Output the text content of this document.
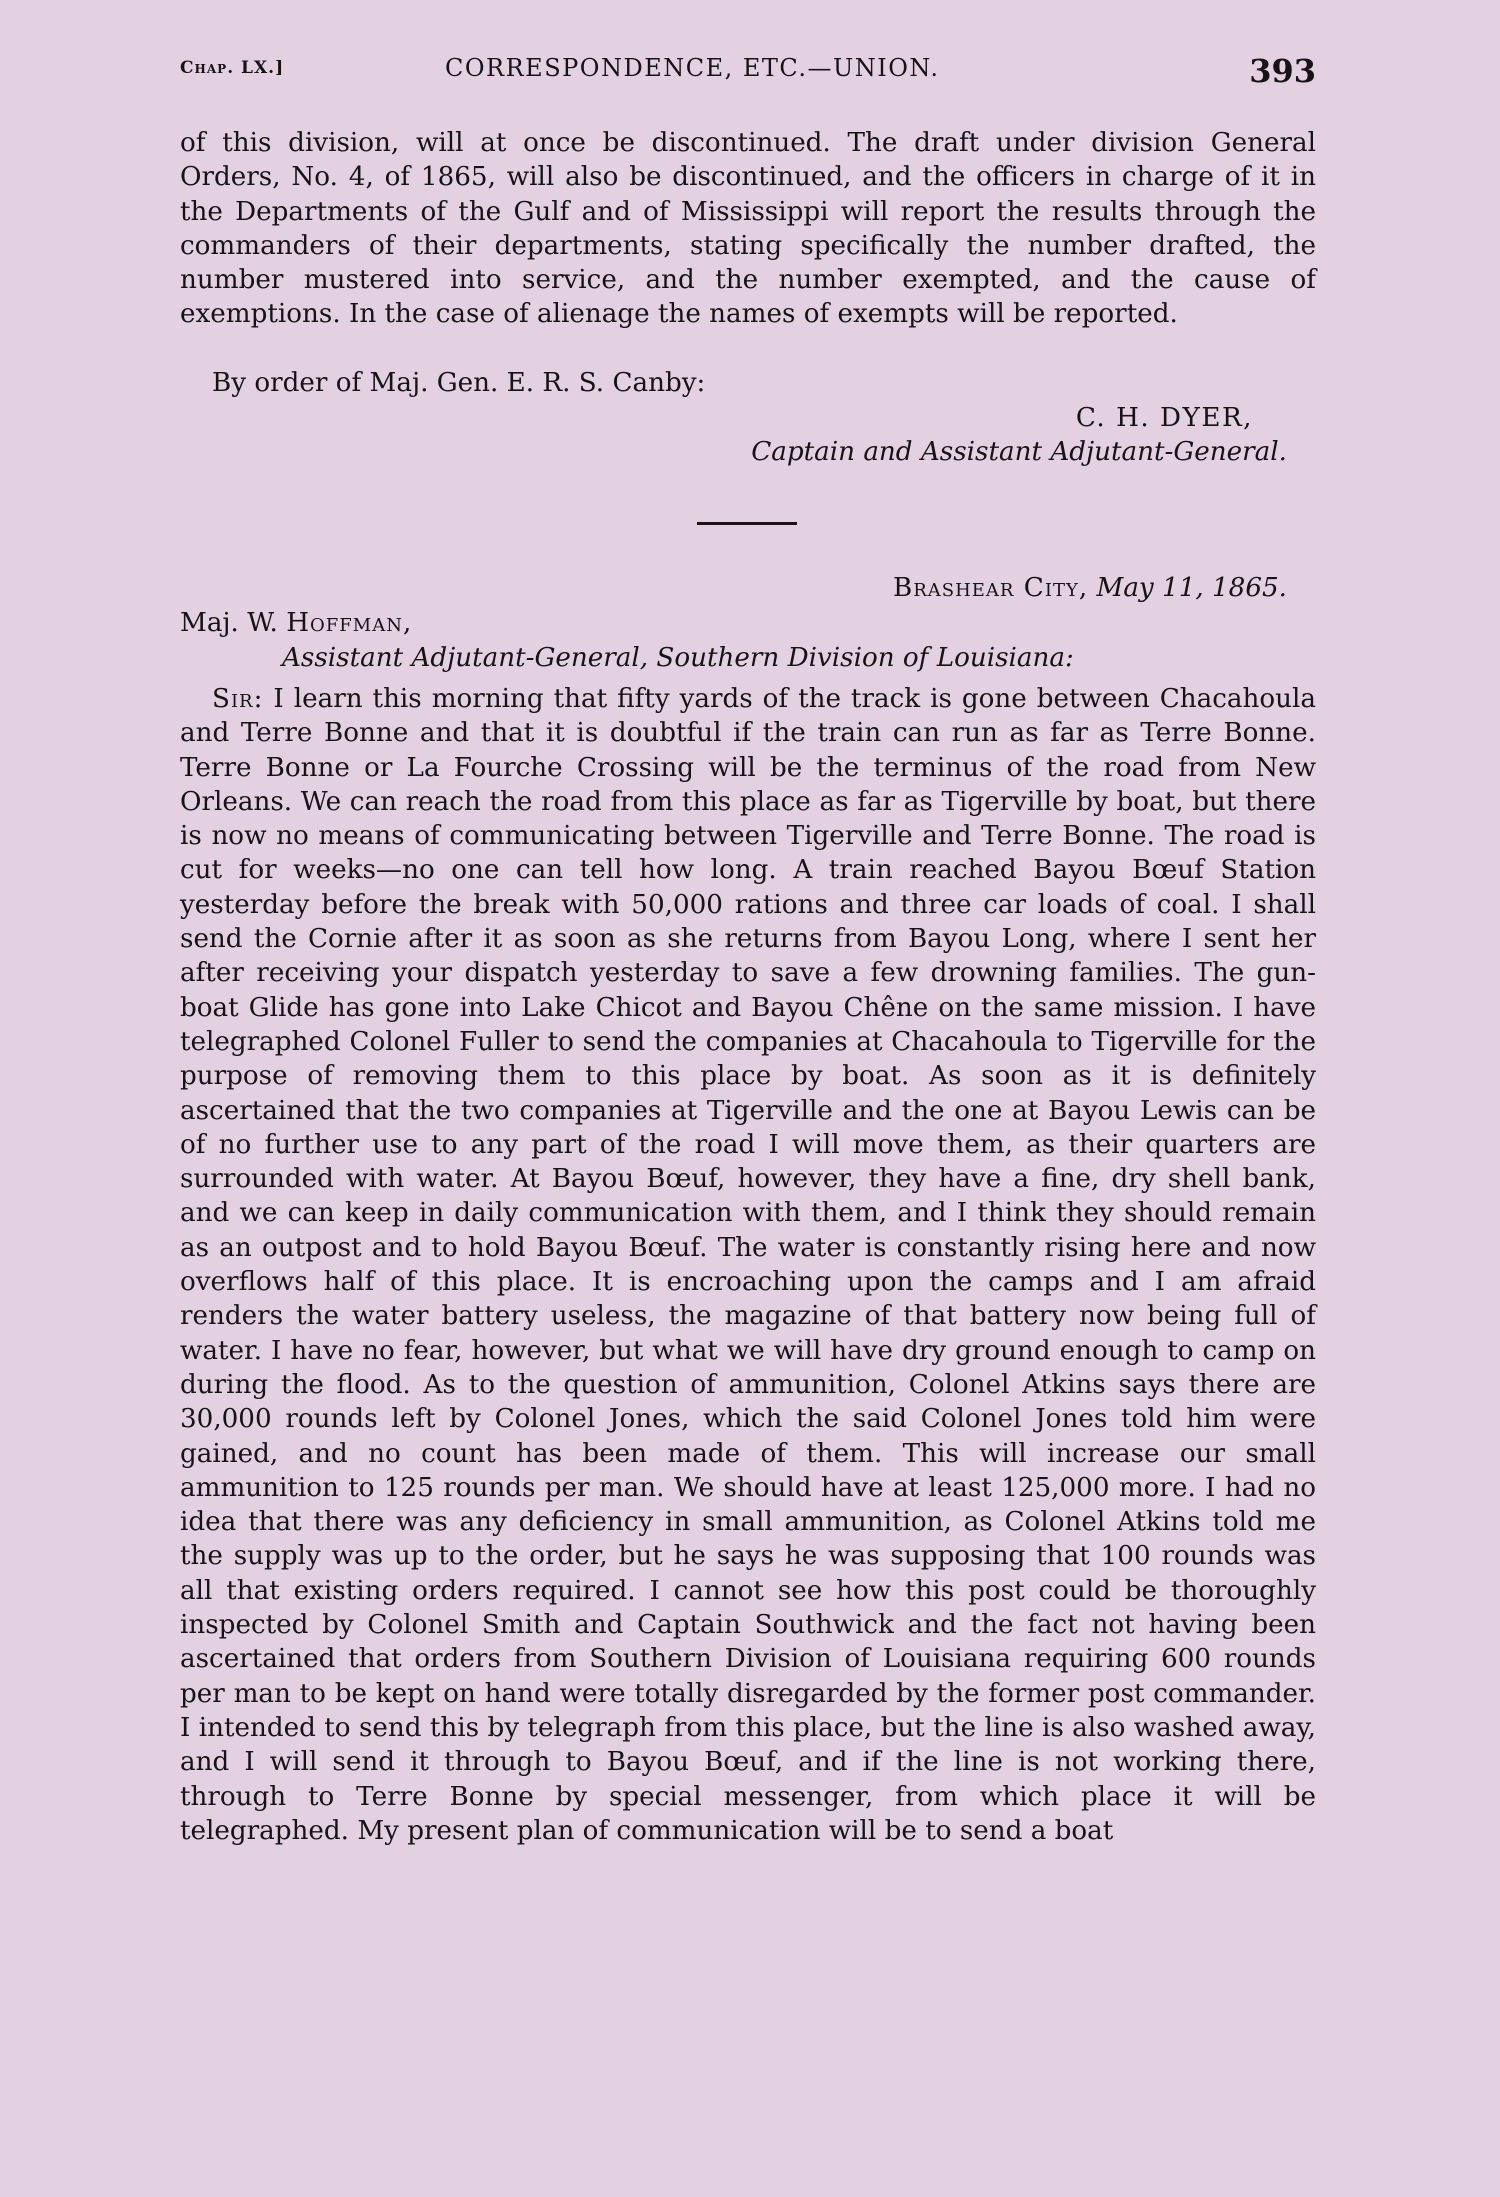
Chap. LX.]	CORRESPONDENCE, ETC.—UNION.	393
of this division, will at once be discontinued. The draft under division General Orders, No. 4, of 1865, will also be discontinued, and the officers in charge of it in the Departments of the Gulf and of Mississippi will report the results through the commanders of their departments, stating specifically the number drafted, the number mustered into service, and the number exempted, and the cause of exemptions. In the case of alienage the names of exempts will be reported.
By order of Maj. Gen. E. R. S. Canby:
C. H. DYER,
Captain and Assistant Adjutant-General.
Brashear City, May 11, 1865.
Maj. W. Hoffman,
Assistant Adjutant-General, Southern Division of Louisiana:
Sir: I learn this morning that fifty yards of the track is gone between Chacahoula and Terre Bonne and that it is doubtful if the train can run as far as Terre Bonne. Terre Bonne or La Fourche Crossing will be the terminus of the road from New Orleans. We can reach the road from this place as far as Tigerville by boat, but there is now no means of communicating between Tigerville and Terre Bonne. The road is cut for weeks—no one can tell how long. A train reached Bayou Bœuf Station yesterday before the break with 50,000 rations and three car loads of coal. I shall send the Cornie after it as soon as she returns from Bayou Long, where I sent her after receiving your dispatch yesterday to save a few drowning families. The gun-boat Glide has gone into Lake Chicot and Bayou Chêne on the same mission. I have telegraphed Colonel Fuller to send the companies at Chacahoula to Tigerville for the purpose of removing them to this place by boat. As soon as it is definitely ascertained that the two companies at Tigerville and the one at Bayou Lewis can be of no further use to any part of the road I will move them, as their quarters are surrounded with water. At Bayou Bœuf, however, they have a fine, dry shell bank, and we can keep in daily communication with them, and I think they should remain as an outpost and to hold Bayou Bœuf. The water is constantly rising here and now overflows half of this place. It is encroaching upon the camps and I am afraid renders the water battery useless, the magazine of that battery now being full of water. I have no fear, however, but what we will have dry ground enough to camp on during the flood. As to the question of ammunition, Colonel Atkins says there are 30,000 rounds left by Colonel Jones, which the said Colonel Jones told him were gained, and no count has been made of them. This will increase our small ammunition to 125 rounds per man. We should have at least 125,000 more. I had no idea that there was any deficiency in small ammunition, as Colonel Atkins told me the supply was up to the order, but he says he was supposing that 100 rounds was all that existing orders required. I cannot see how this post could be thoroughly inspected by Colonel Smith and Captain Southwick and the fact not having been ascertained that orders from Southern Division of Louisiana requiring 600 rounds per man to be kept on hand were totally disregarded by the former post commander. I intended to send this by telegraph from this place, but the line is also washed away, and I will send it through to Bayou Bœuf, and if the line is not working there, through to Terre Bonne by special messenger, from which place it will be telegraphed. My present plan of communication will be to send a boat
